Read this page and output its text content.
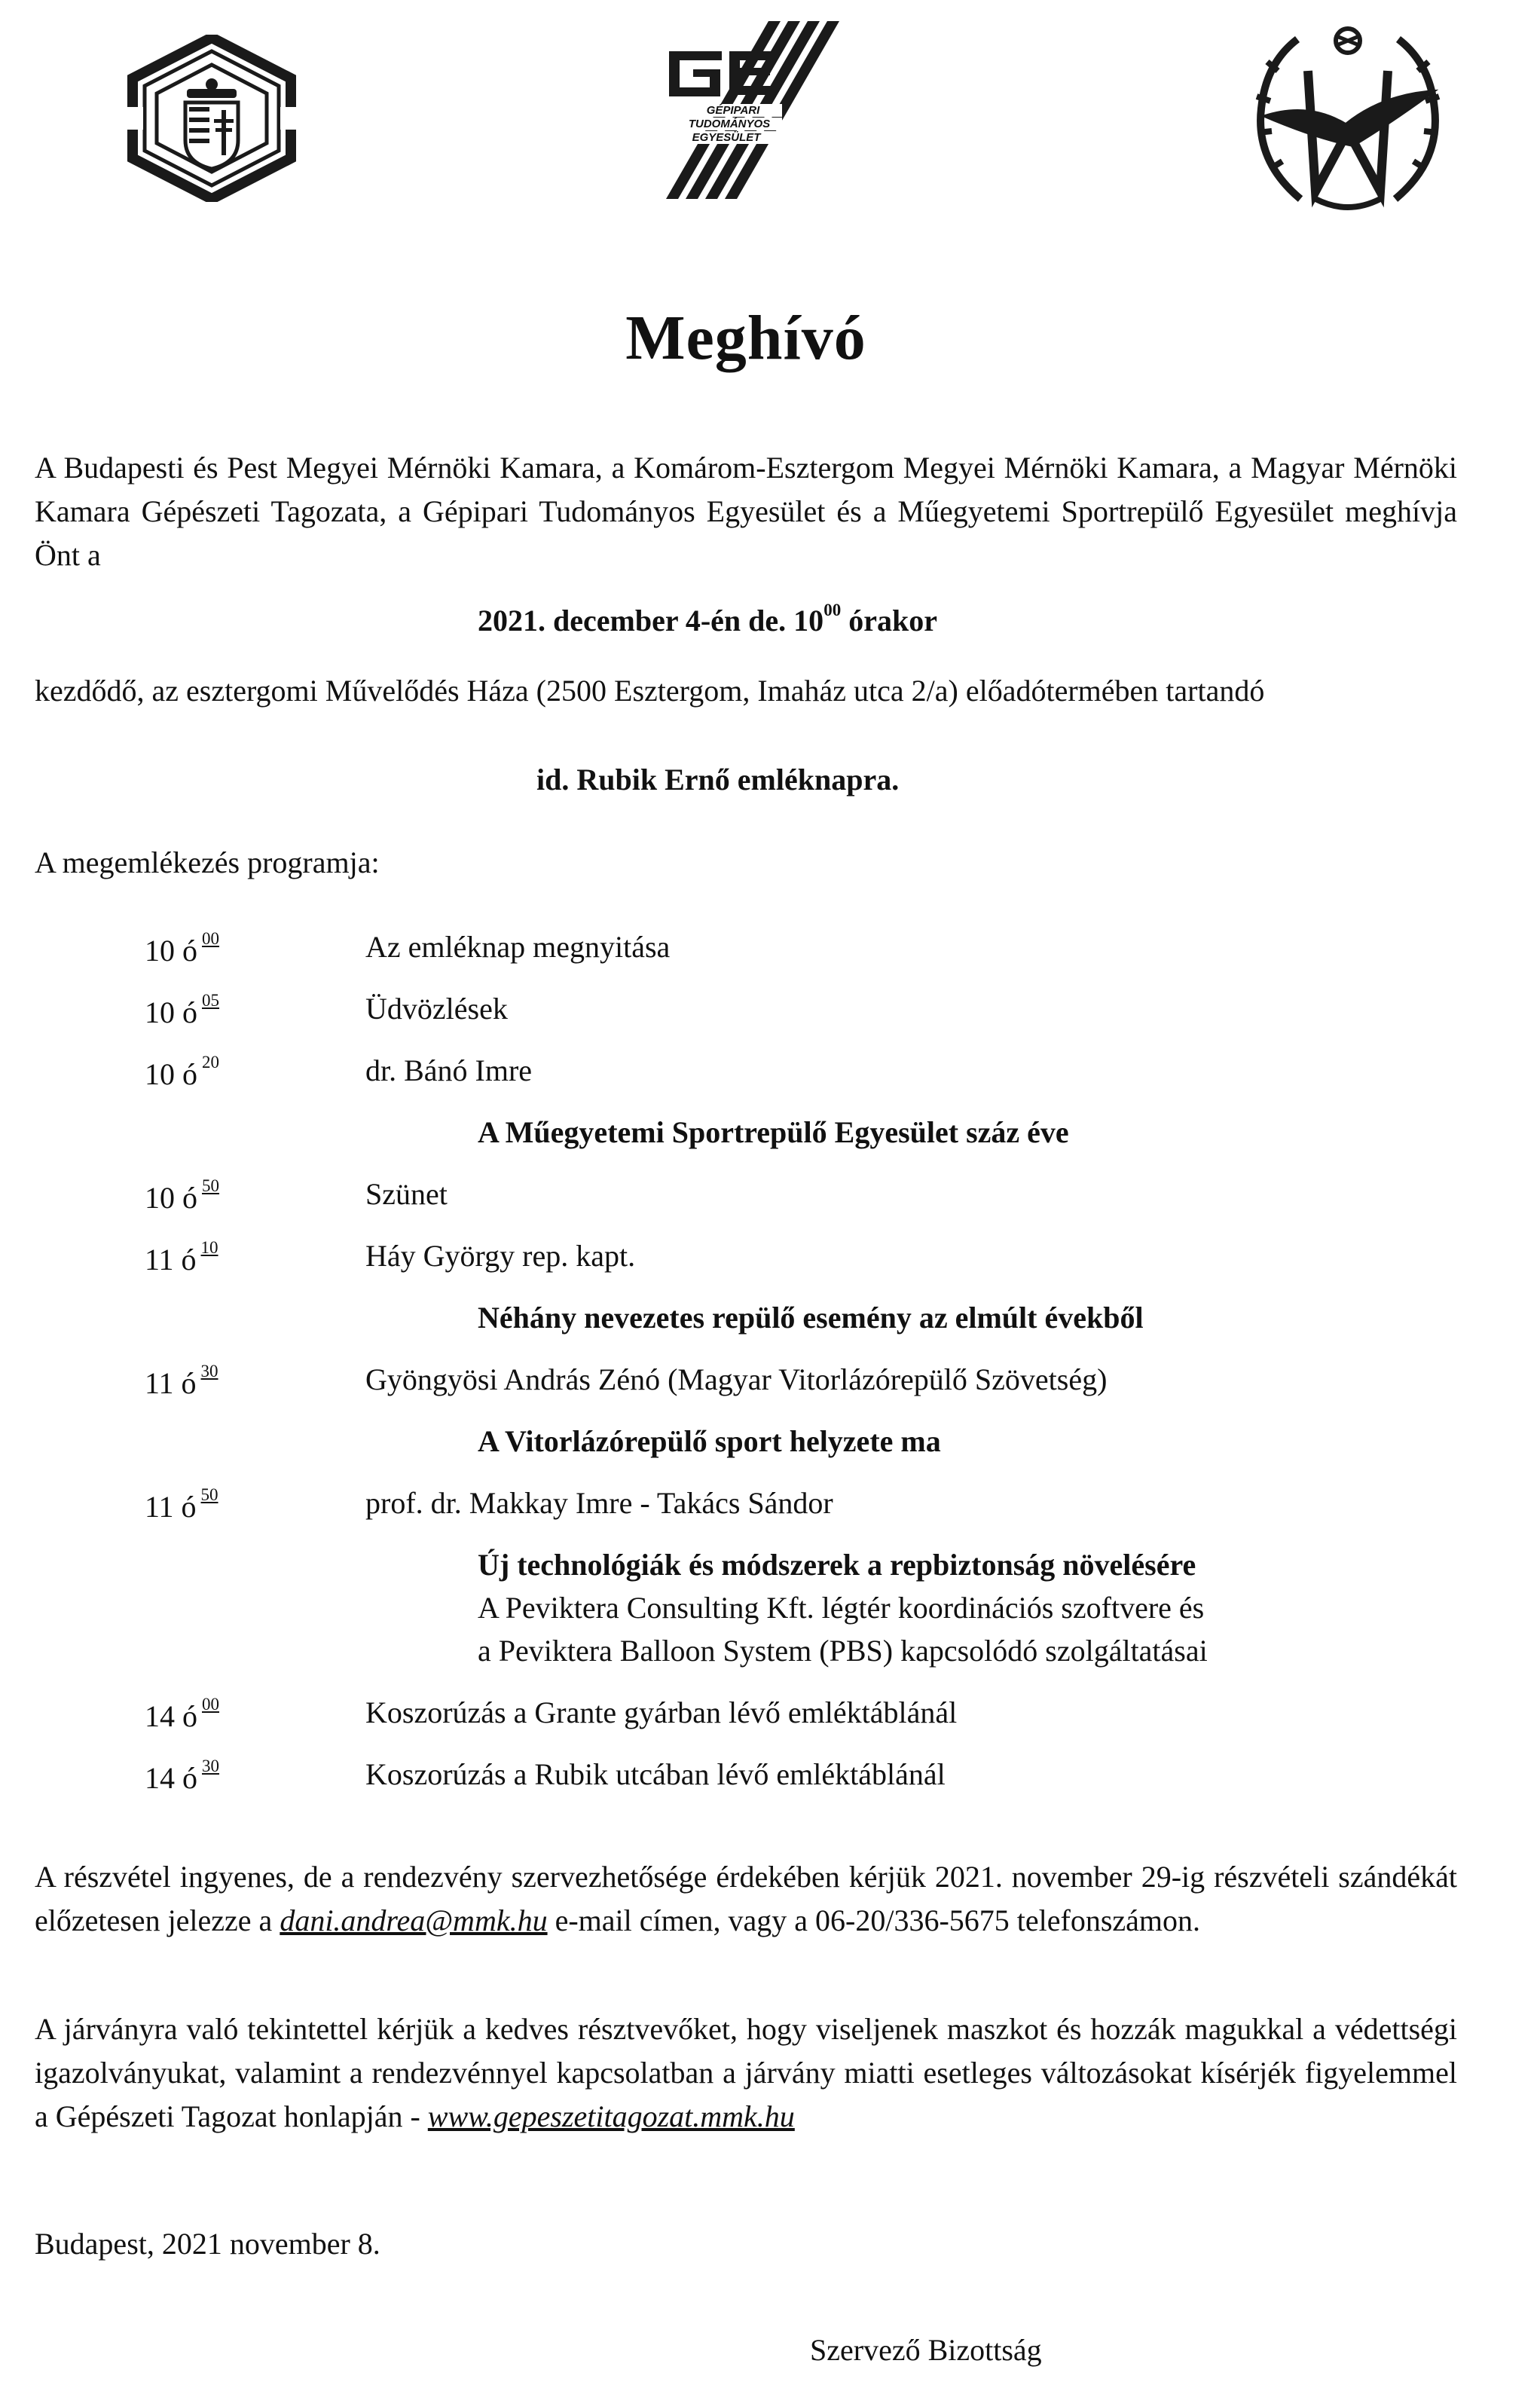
GÉPIPARI
TUDOMÁNYOS
EGYESÜLET
Meghívó
A Budapesti és Pest Megyei Mérnöki Kamara, a Komárom-Esztergom Megyei Mérnöki Kamara, a Magyar Mérnöki Kamara Gépészeti Tagozata, a Gépipari Tudományos Egyesület és a Műegyetemi Sportrepülő Egyesület meghívja Önt a
2021. december 4-én de. $10^{00}$ órakor
kezdődő, az esztergomi Művelődés Háza (2500 Esztergom, Imaház utca 2/a) előadótermében tartandó
id. Rubik Ernő emléknapra.
A megemlékezés programja:
10 ó $^{00}$	Az emléknap megnyitása
10 ó $^{05}$	Üdvözlések
10 ó $^{20}$	dr. Bánó Imre
A Műegyetemi Sportrepülő Egyesület száz éve
10 ó $^{50}$	Szünet
11 ó $^{10}$	Háy György rep. kapt.
Néhány nevezetes repülő esemény az elmúlt évekből
11 ó $^{30}$	Gyöngyösi András Zénó (Magyar Vitorlázórepülő Szövetség)
A Vitorlázórepülő sport helyzete ma
11 ó $^{50}$	prof. dr. Makkay Imre - Takács Sándor
Új technológiák és módszerek a repbiztonság növelésére
A Peviktera Consulting Kft. légtér koordinációs szoftvere és
a Peviktera Balloon System (PBS) kapcsolódó szolgáltatásai
14 ó $^{00}$	Koszorúzás a Grante gyárban lévő emléktáblánál
14 ó $^{30}$	Koszorúzás a Rubik utcában lévő emléktáblánál
A részvétel ingyenes, de a rendezvény szervezhetősége érdekében kérjük 2021. november 29-ig részvételi szándékát előzetesen jelezze a dani.andrea@mmk.hu e-mail címen, vagy a 06-20/336-5675 telefonszámon.
A járványra való tekintettel kérjük a kedves résztvevőket, hogy viseljenek maszkot és hozzák magukkal a védettségi igazolványukat, valamint a rendezvénnyel kapcsolatban a járvány miatti esetleges változásokat kísérjék figyelemmel a Gépészeti Tagozat honlapján - www.gepeszetitagozat.mmk.hu
Budapest, 2021 november 8.
Szervező Bizottság
